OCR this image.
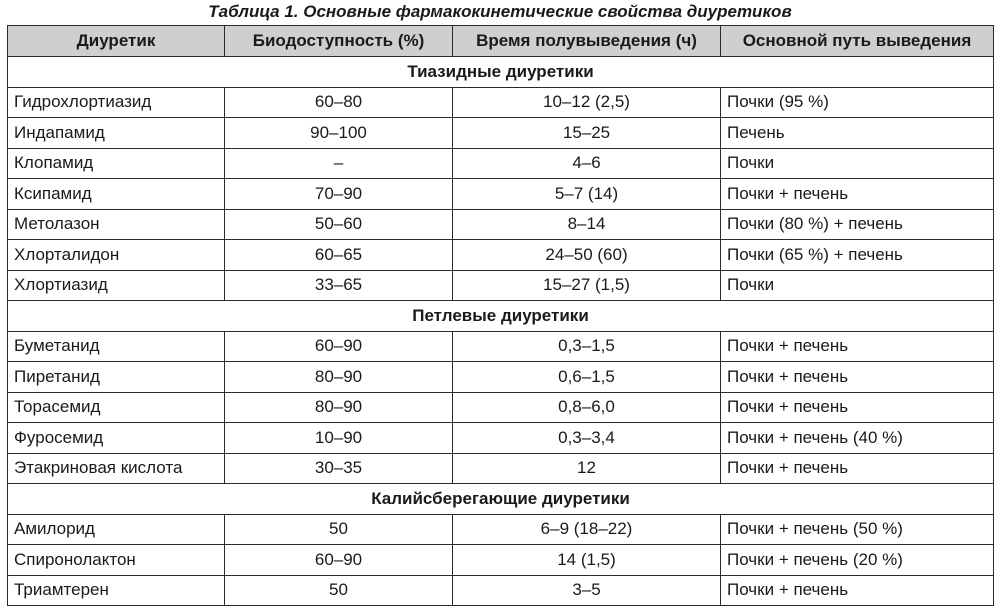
Таблица 1. Основные фармакокинетические свойства диуретиков
Диуретик	Биодоступность (%)	Время полувыведения (ч)	Основной путь выведения
Тиазидные диуретики			
Гидрохлортиазид	60–80	10–12 (2,5)	Почки (95 %)
Индапамид	90–100	15–25	Печень
Клопамид	–	4–6	Почки
Ксипамид	70–90	5–7 (14)	Почки + печень
Метолазон	50–60	8–14	Почки (80 %) + печень
Хлорталидон	60–65	24–50 (60)	Почки (65 %) + печень
Хлортиазид	33–65	15–27 (1,5)	Почки
Петлевые диуретики			
Буметанид	60–90	0,3–1,5	Почки + печень
Пиретанид	80–90	0,6–1,5	Почки + печень
Торасемид	80–90	0,8–6,0	Почки + печень
Фуросемид	10–90	0,3–3,4	Почки + печень (40 %)
Этакриновая кислота	30–35	12	Почки + печень
Калийсберегающие диуретики			
Амилорид	50	6–9 (18–22)	Почки + печень (50 %)
Спиронолактон	60–90	14 (1,5)	Почки + печень (20 %)
Триамтерен	50	3–5	Почки + печень
